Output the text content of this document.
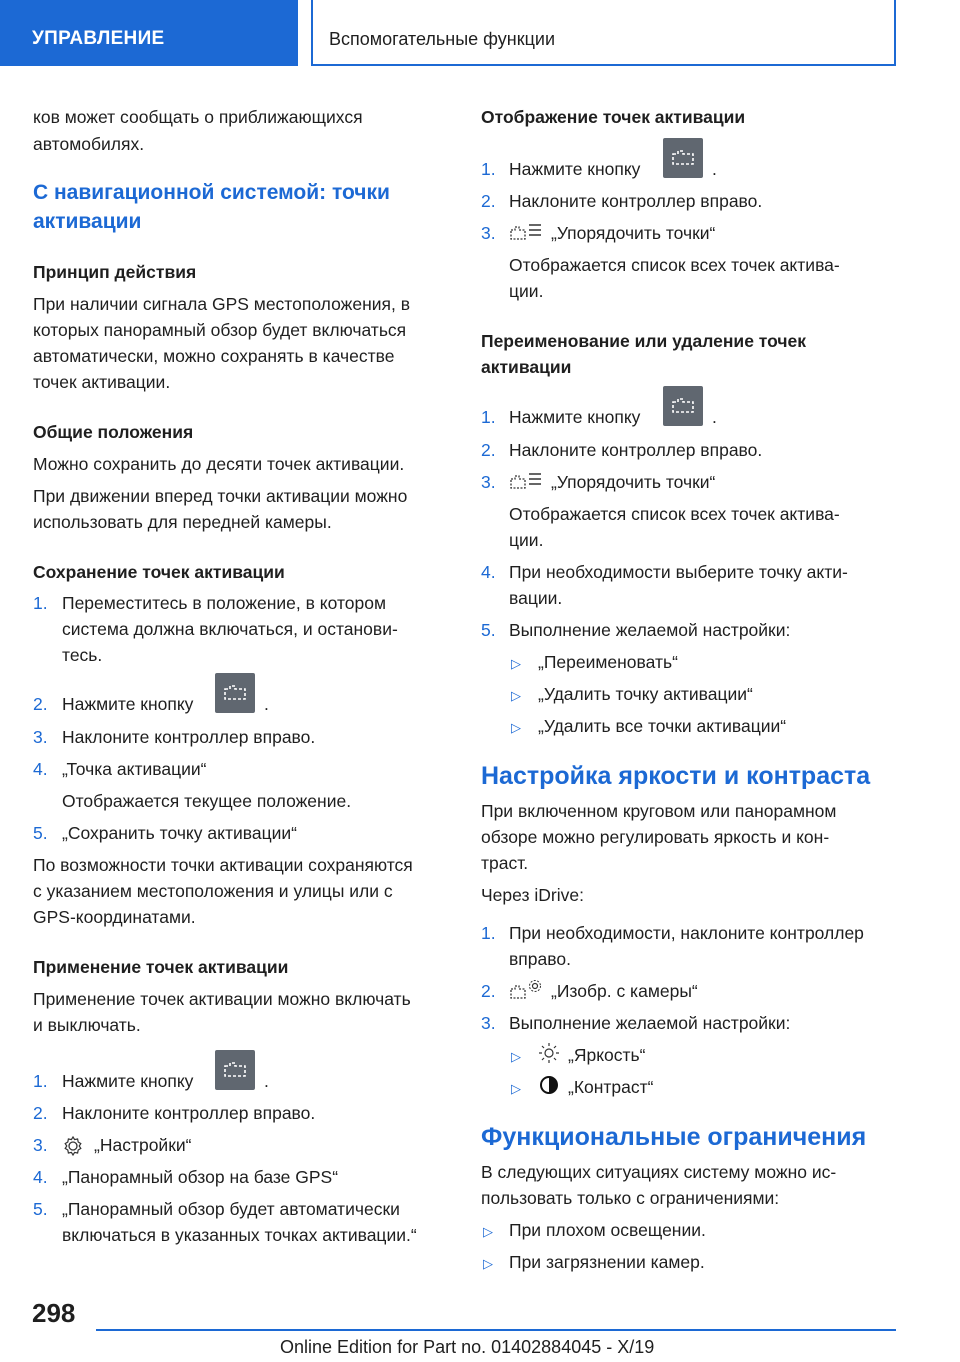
УПРАВЛЕНИЕ	Вспомогательные функции
ков может сообщать о приближающихся
автомобилях.
С навигационной системой: точки
активации
Принцип действия
При наличии сигнала GPS местоположения, в
которых панорамный обзор будет включаться
автоматически, можно сохранять в качестве
точек активации.
Общие положения
Можно сохранить до десяти точек активации.
При движении вперед точки активации можно
использовать для передней камеры.
Сохранение точек активации
1. Переместитесь в положение, в котором
система должна включаться, и останови-
тесь.
2. Нажмите кнопку	.
3. Наклоните контроллер вправо.
4. „Точка активации“
Отображается текущее положение.
5. „Сохранить точку активации“
По возможности точки активации сохраняются
с указанием местоположения и улицы или с
GPS-координатами.
Применение точек активации
Применение точек активации можно включать
и выключать.
1. Нажмите кнопку	.
2. Наклоните контроллер вправо.
3.	„Настройки“
4. „Панорамный обзор на базе GPS“
5. „Панорамный обзор будет автоматически
включаться в указанных точках активации.“
Отображение точек активации
1. Нажмите кнопку	.
2. Наклоните контроллер вправо.
3.	„Упорядочить точки“
Отображается список всех точек актива-
ции.
Переименование или удаление точек
активации
1. Нажмите кнопку	.
2. Наклоните контроллер вправо.
3.	„Упорядочить точки“
Отображается список всех точек актива-
ции.
4. При необходимости выберите точку акти-
вации.
5. Выполнение желаемой настройки:
▷ „Переименовать“
▷ „Удалить точку активации“
▷ „Удалить все точки активации“
Настройка яркости и контраста
При включенном круговом или панорамном
обзоре можно регулировать яркость и кон-
траст.
Через iDrive:
1. При необходимости, наклоните контроллер
вправо.
2.	„Изобр. с камеры“
3. Выполнение желаемой настройки:
▷	„Яркость“
▷	„Контраст“
Функциональные ограничения
В следующих ситуациях систему можно ис-
пользовать только с ограничениями:
▷ При плохом освещении.
▷ При загрязнении камер.
298
Online Edition for Part no. 01402884045 - X/19
